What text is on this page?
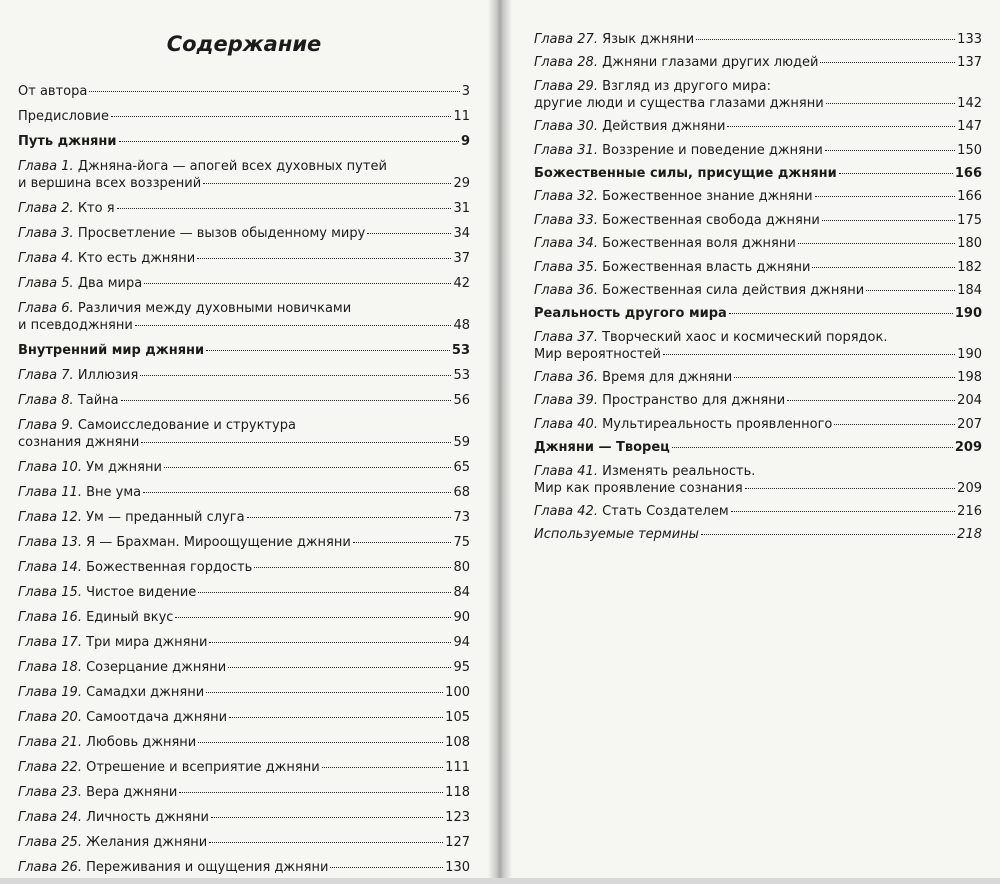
Содержание
От автора	3
Предисловие	11
Путь джняни	9
Глава 1. Джняна-йога — апогей всех духовных путей
и вершина всех воззрений	29
Глава 2. Кто я	31
Глава 3. Просветление — вызов обыденному миру	34
Глава 4. Кто есть джняни	37
Глава 5. Два мира	42
Глава 6. Различия между духовными новичками
и псевдоджняни	48
Внутренний мир джняни	53
Глава 7. Иллюзия	53
Глава 8. Тайна	56
Глава 9. Самоисследование и структура
сознания джняни	59
Глава 10. Ум джняни	65
Глава 11. Вне ума	68
Глава 12. Ум — преданный слуга	73
Глава 13. Я — Брахман. Мироощущение джняни	75
Глава 14. Божественная гордость	80
Глава 15. Чистое видение	84
Глава 16. Единый вкус	90
Глава 17. Три мира джняни	94
Глава 18. Созерцание джняни	95
Глава 19. Самадхи джняни	100
Глава 20. Самоотдача джняни	105
Глава 21. Любовь джняни	108
Глава 22. Отрешение и всеприятие джняни	111
Глава 23. Вера джняни	118
Глава 24. Личность джняни	123
Глава 25. Желания джняни	127
Глава 26. Переживания и ощущения джняни	130
Глава 27. Язык джняни	133
Глава 28. Джняни глазами других людей	137
Глава 29. Взгляд из другого мира:
другие люди и существа глазами джняни	142
Глава 30. Действия джняни	147
Глава 31. Воззрение и поведение джняни	150
Божественные силы, присущие джняни	166
Глава 32. Божественное знание джняни	166
Глава 33. Божественная свобода джняни	175
Глава 34. Божественная воля джняни	180
Глава 35. Божественная власть джняни	182
Глава 36. Божественная сила действия джняни	184
Реальность другого мира	190
Глава 37. Творческий хаос и космический порядок.
Мир вероятностей	190
Глава 36. Время для джняни	198
Глава 39. Пространство для джняни	204
Глава 40. Мультиреальность проявленного	207
Джняни — Творец	209
Глава 41. Изменять реальность.
Мир как проявление сознания	209
Глава 42. Стать Создателем	216
Используемые термины	218
